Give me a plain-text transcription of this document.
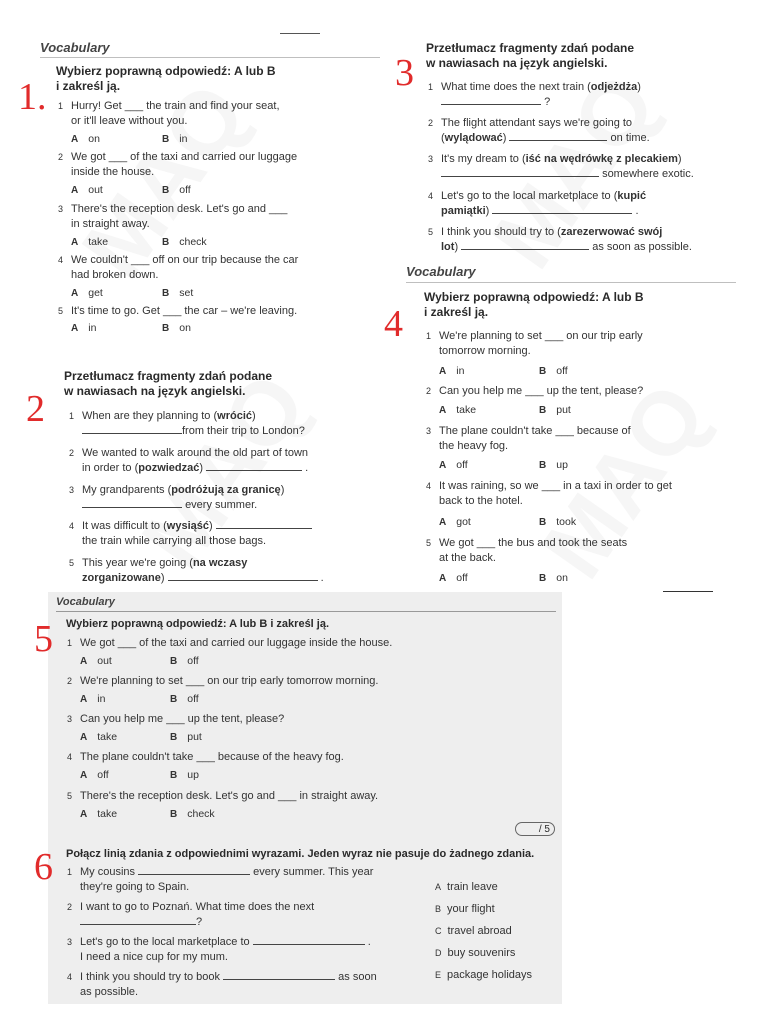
Vocabulary
1.
Wybierz poprawną odpowiedź: A lub B
i zakreśl ją.
1 Hurry! Get ___ the train and find your seat,
or it'll leave without you.
A on	B in
2 We got ___ of the taxi and carried our luggage
inside the house.
A out	B off
3 There's the reception desk. Let's go and ___
in straight away.
A take	B check
4 We couldn't ___ off on our trip because the car
had broken down.
A get	B set
5 It's time to go. Get ___ the car – we're leaving.
A in	B on
2
Przetłumacz fragmenty zdań podane
w nawiasach na język angielski.
1 When are they planning to (wrócić)
from their trip to London?
2 We wanted to walk around the old part of town
in order to (pozwiedzać)	.
3 My grandparents (podróżują za granicę)
every summer.
4 It was difficult to (wysiąść)
the train while carrying all those bags.
5 This year we're going (na wczasy
zorganizowane)	.
3
Przetłumacz fragmenty zdań podane
w nawiasach na język angielski.
1 What time does the next train (odjeżdża)
?
2 The flight attendant says we're going to
(wylądować)	on time.
3 It's my dream to (iść na wędrówkę z plecakiem)
somewhere exotic.
4 Let's go to the local marketplace to (kupić
pamiątki)	.
5 I think you should try to (zarezerwować swój
lot)	as soon as possible.
Vocabulary
4
Wybierz poprawną odpowiedź: A lub B
i zakreśl ją.
1 We're planning to set ___ on our trip early
tomorrow morning.
A in	B off
2 Can you help me ___ up the tent, please?
A take	B put
3 The plane couldn't take ___ because of
the heavy fog.
A off	B up
4 It was raining, so we ___ in a taxi in order to get
back to the hotel.
A got	B took
5 We got ___ the bus and took the seats
at the back.
A off	B on
Vocabulary
5 Wybierz poprawną odpowiedź: A lub B i zakreśl ją.
1 We got ___ of the taxi and carried our luggage inside the house.
A out	B off
2 We're planning to set ___ on our trip early tomorrow morning.
A in	B off
3 Can you help me ___ up the tent, please?
A take	B put
4 The plane couldn't take ___ because of the heavy fog.
A off	B up
5 There's the reception desk. Let's go and ___ in straight away.
A take	B check
/ 5
6 Połącz linią zdania z odpowiednimi wyrazami. Jeden wyraz nie pasuje do żadnego zdania.
1 My cousins	every summer. This year
they're going to Spain.
2 I want to go to Poznań. What time does the next
?
3 Let's go to the local marketplace to	.
I need a nice cup for my mum.
4 I think you should try to book	as soon
as possible.
A train leave
B your flight
C travel abroad
D buy souvenirs
E package holidays
